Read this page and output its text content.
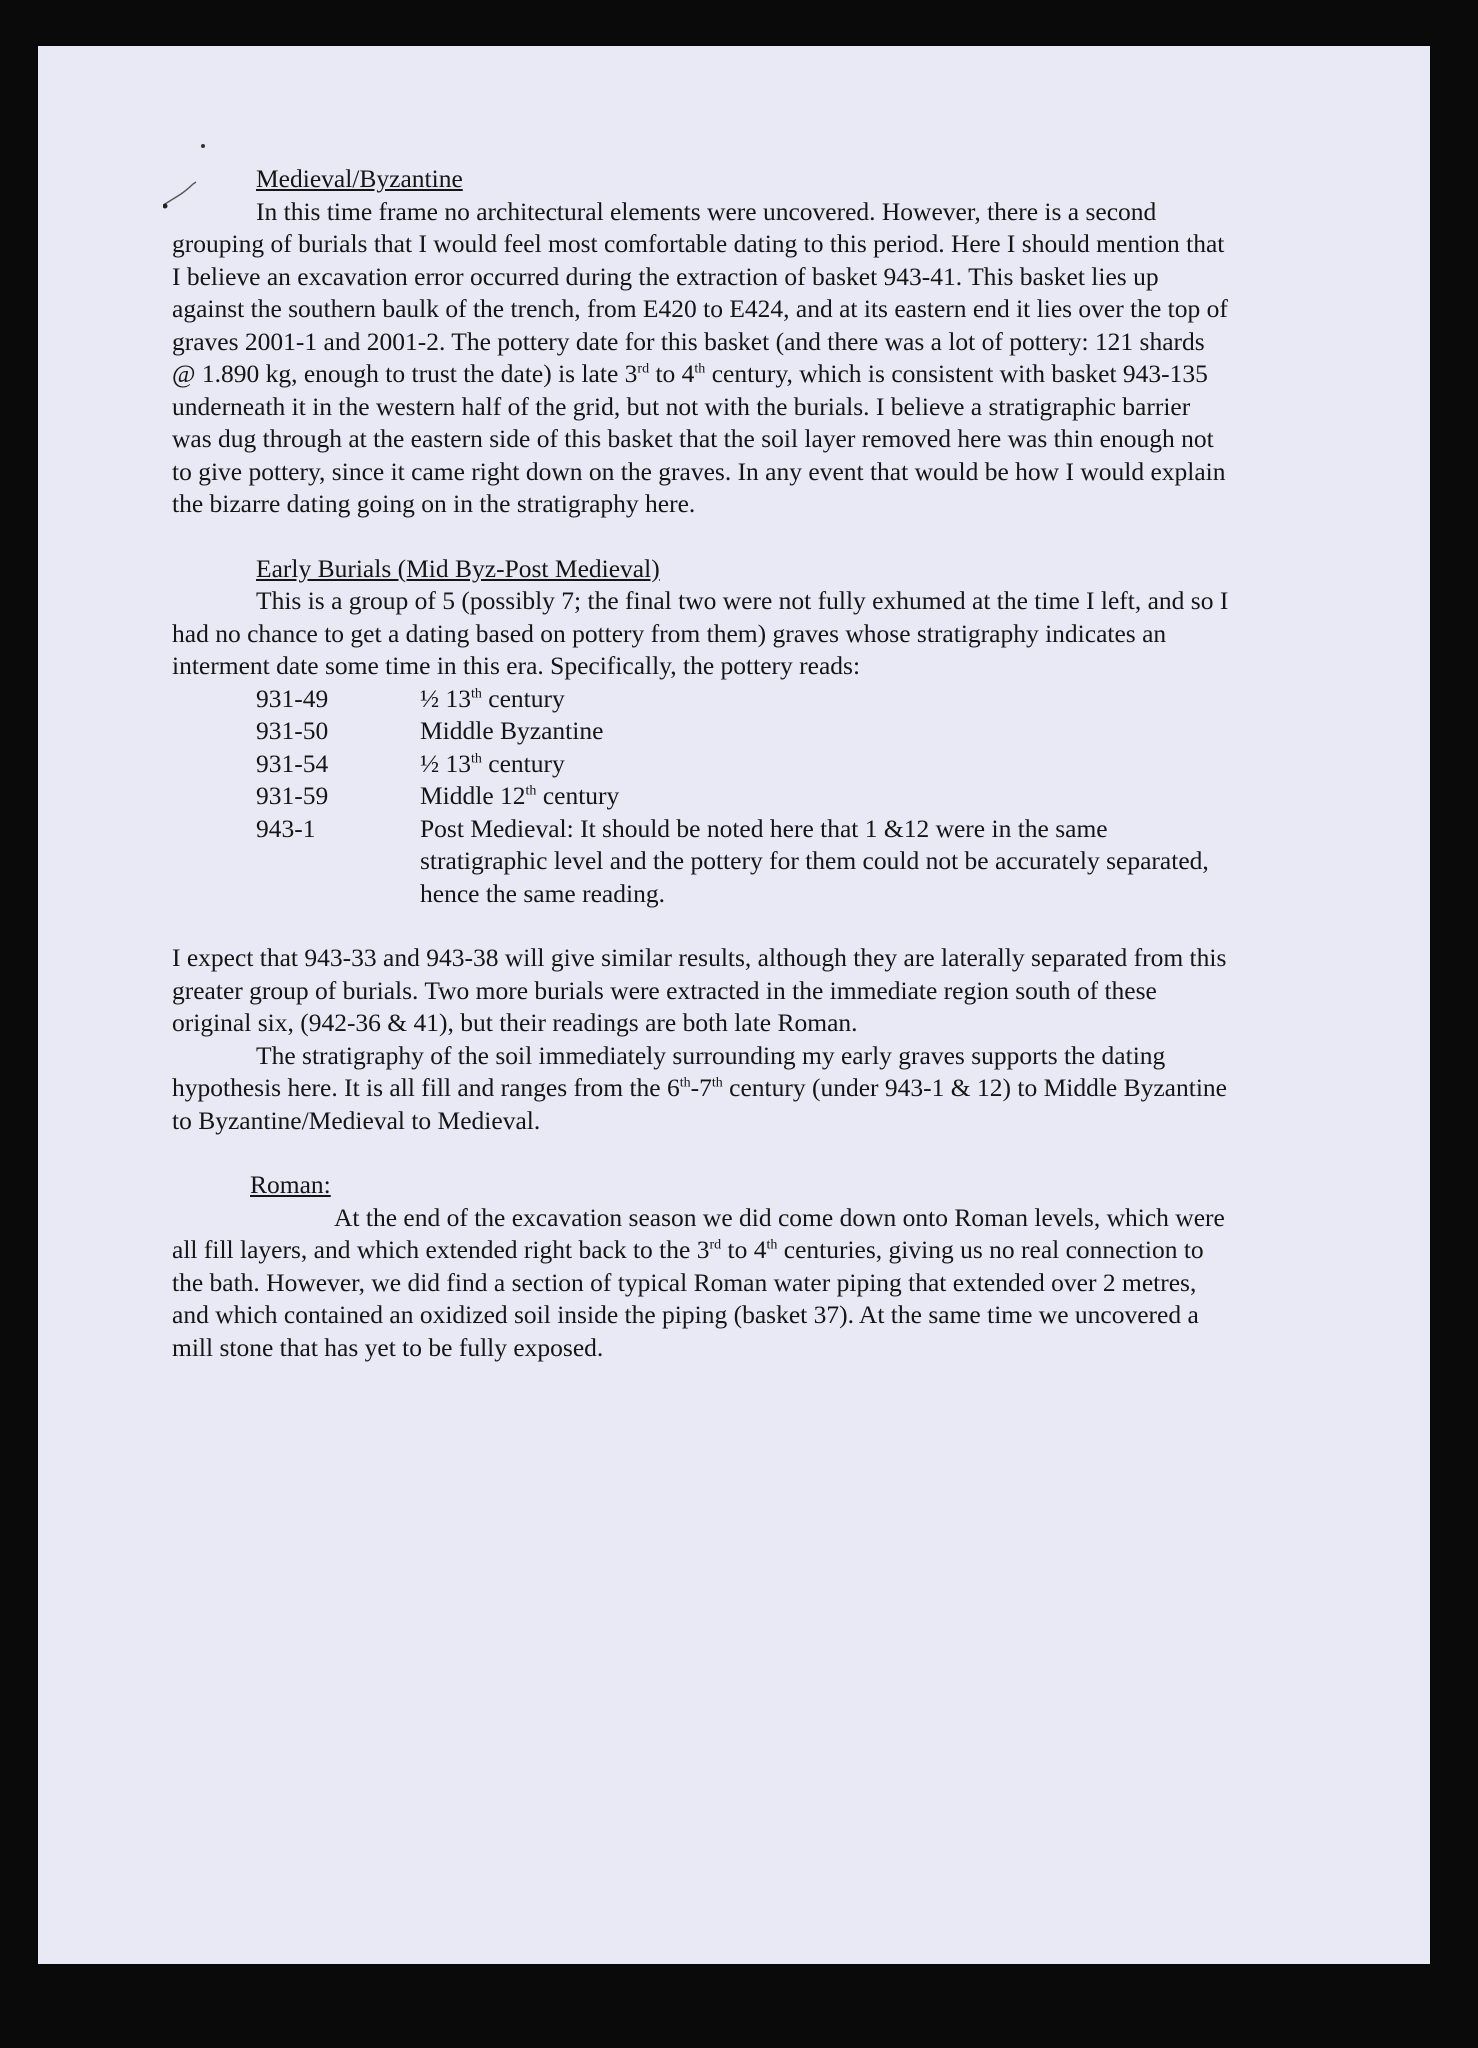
Medieval/Byzantine

In this time frame no architectural elements were uncovered. However, there is a second grouping of burials that I would feel most comfortable dating to this period. Here I should mention that I believe an excavation error occurred during the extraction of basket 943-41. This basket lies up against the southern baulk of the trench, from E420 to E424, and at its eastern end it lies over the top of graves 2001-1 and 2001-2. The pottery date for this basket (and there was a lot of pottery: 121 shards @ 1.890 kg, enough to trust the date) is late 3rd to 4th century, which is consistent with basket 943-135 underneath it in the western half of the grid, but not with the burials. I believe a stratigraphic barrier was dug through at the eastern side of this basket that the soil layer removed here was thin enough not to give pottery, since it came right down on the graves. In any event that would be how I would explain the bizarre dating going on in the stratigraphy here.

Early Burials (Mid Byz-Post Medieval)

This is a group of 5 (possibly 7; the final two were not fully exhumed at the time I left, and so I had no chance to get a dating based on pottery from them) graves whose stratigraphy indicates an interment date some time in this era. Specifically, the pottery reads:

931-49	½ 13th century
931-50	Middle Byzantine
931-54	½ 13th century
931-59	Middle 12th century
943-1	Post Medieval: It should be noted here that 1 &12 were in the same stratigraphic level and the pottery for them could not be accurately separated, hence the same reading.

I expect that 943-33 and 943-38 will give similar results, although they are laterally separated from this greater group of burials. Two more burials were extracted in the immediate region south of these original six, (942-36 & 41), but their readings are both late Roman.

The stratigraphy of the soil immediately surrounding my early graves supports the dating hypothesis here. It is all fill and ranges from the 6th-7th century (under 943-1 & 12) to Middle Byzantine to Byzantine/Medieval to Medieval.

Roman:

At the end of the excavation season we did come down onto Roman levels, which were all fill layers, and which extended right back to the 3rd to 4th centuries, giving us no real connection to the bath. However, we did find a section of typical Roman water piping that extended over 2 metres, and which contained an oxidized soil inside the piping (basket 37). At the same time we uncovered a mill stone that has yet to be fully exposed.
